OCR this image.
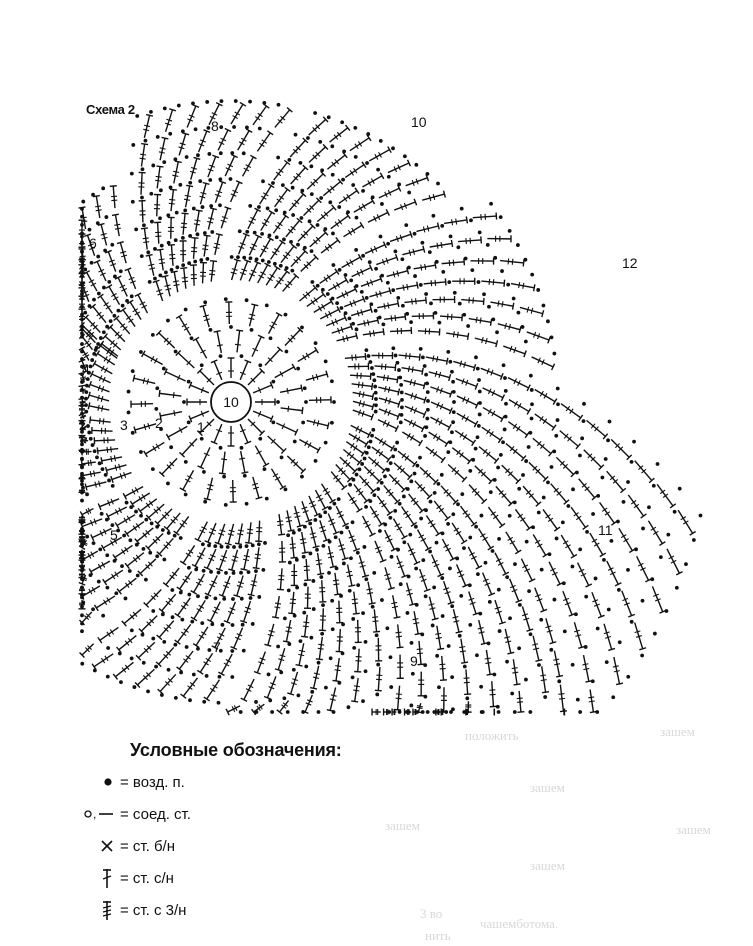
10
1
2
3
4
5
6
7
8
9
10
11
12
Схема 2
положить	зашем
зашем
зашем	зашем
зашем
3 во
чашемботома.
нить
Условные обозначения:
= возд. п.
, = соед. ст.
= ст. б/н
= ст. с/н
= ст. с 3/н
